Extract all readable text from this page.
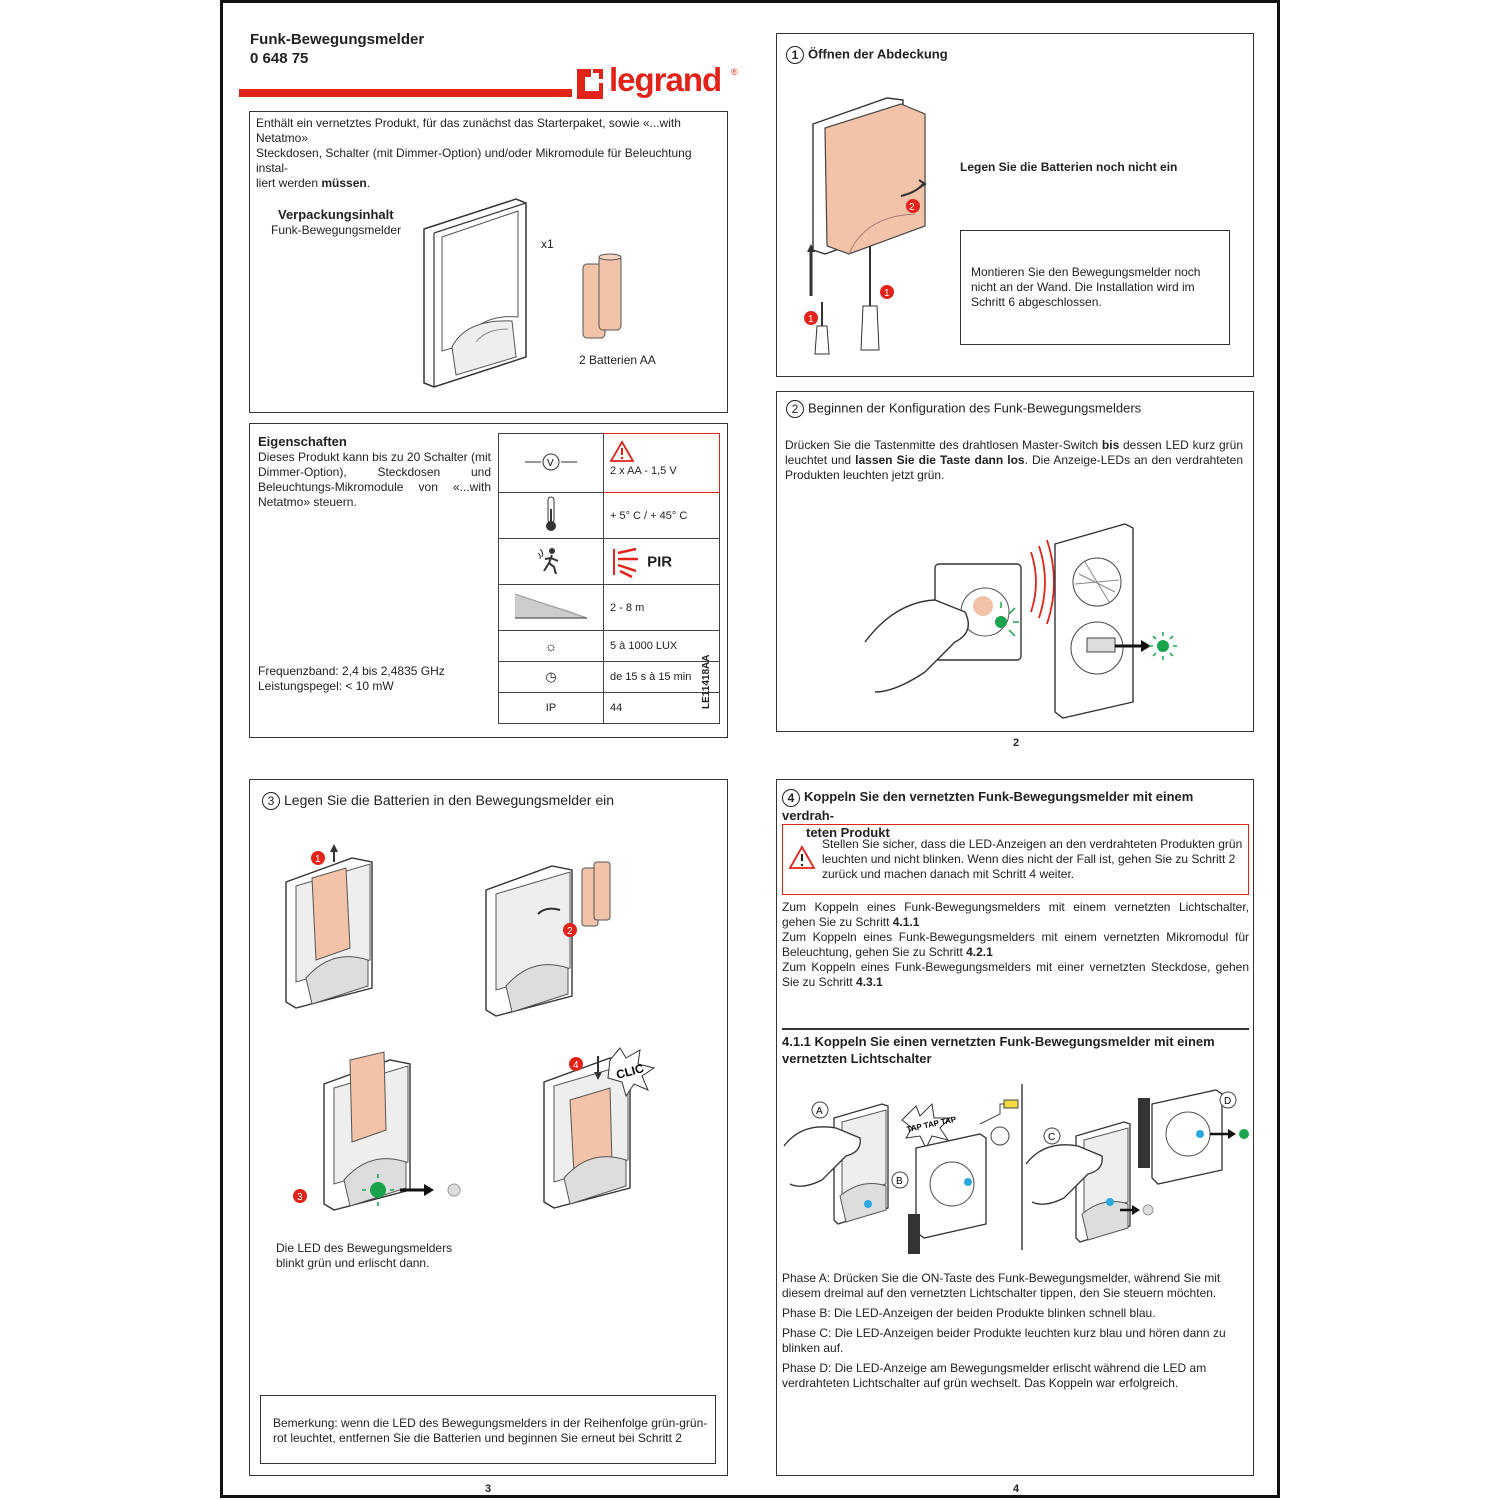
Funk-Bewegungsmelder
0 648 75
legrand ®
Enthält ein vernetztes Produkt, für das zunächst das Starterpaket, sowie «...with Netatmo»
Steckdosen, Schalter (mit Dimmer-Option) und/oder Mikromodule für Beleuchtung instal-
liert werden müssen.
Verpackungsinhalt
Funk-Bewegungsmelder
x1
2 Batterien AA
Eigenschaften
Dieses Produkt kann bis zu 20 Schalter (mit Dimmer-Option), Steckdosen und Beleuchtungs-Mikromodule von «...with Netatmo» steuern.
Frequenzband: 2,4 bis 2,4835 GHz
Leistungspegel: < 10 mW
V	2 x AA - 1,5 V

	+ 5° C / + 45° C
	PIR
	2 - 8 m
☼	5 à 1000 LUX
◷	de 15 s à 15 min
IP	44	LE11418AA
1 Öffnen der Abdeckung
2
1
1
Legen Sie die Batterien noch nicht ein
Montieren Sie den Bewegungsmelder noch
nicht an der Wand. Die Installation wird im
Schritt 6 abgeschlossen.
2 Beginnen der Konfiguration des Funk-Bewegungsmelders
Drücken Sie die Tastenmitte des drahtlosen Master-Switch bis dessen LED kurz grün leuchtet und lassen Sie die Taste dann los. Die Anzeige-LEDs an den verdrahteten Produkten leuchten jetzt grün.
2
3 Legen Sie die Batterien in den Bewegungsmelder ein
1
2
3
4	CLIC
Die LED des Bewegungsmelders
blinkt grün und erlischt dann.
Bemerkung: wenn die LED des Bewegungsmelders in der Reihenfolge grün-grün-
rot leuchtet, entfernen Sie die Batterien und beginnen Sie erneut bei Schritt 2
3
4 Koppeln Sie den vernetzten Funk-Bewegungsmelder mit einem verdrah-
teten Produkt
Stellen Sie sicher, dass die LED-Anzeigen an den verdrahteten Produkten grün
leuchten und nicht blinken. Wenn dies nicht der Fall ist, gehen Sie zu Schritt 2
zurück und machen danach mit Schritt 4 weiter.
Zum Koppeln eines Funk-Bewegungsmelders mit einem vernetzten Lichtschalter, gehen Sie zu Schritt 4.1.1
Zum Koppeln eines Funk-Bewegungsmelders mit einem vernetzten Mikromodul für Beleuchtung, gehen Sie zu Schritt 4.2.1
Zum Koppeln eines Funk-Bewegungsmelders mit einer vernetzten Steckdose, gehen Sie zu Schritt 4.3.1
4.1.1 Koppeln Sie einen vernetzten Funk-Bewegungsmelder mit einem
vernetzten Lichtschalter
A
B
TAP TAP TAP
C
D
Phase A: Drücken Sie die ON-Taste des Funk-Bewegungsmelder, während Sie mit diesem dreimal auf den vernetzten Lichtschalter tippen, den Sie steuern möchten.
Phase B: Die LED-Anzeigen der beiden Produkte blinken schnell blau.
Phase C: Die LED-Anzeigen beider Produkte leuchten kurz blau und hören dann zu blinken auf.
Phase D: Die LED-Anzeige am Bewegungsmelder erlischt während die LED am verdrahteten Lichtschalter auf grün wechselt. Das Koppeln war erfolgreich.
4
